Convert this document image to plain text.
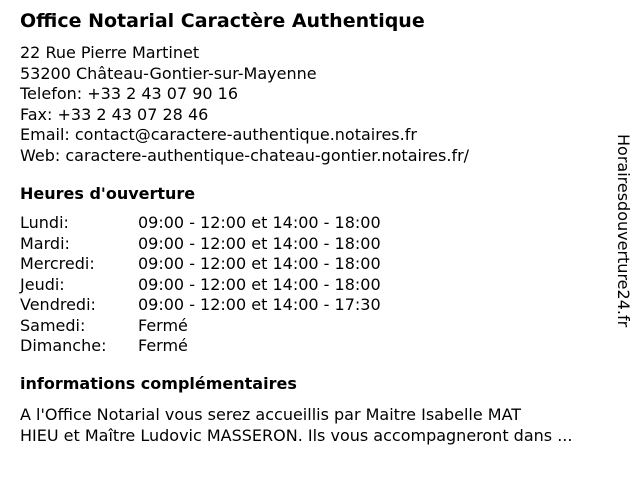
Office Notarial Caractère Authentique
22 Rue Pierre Martinet
53200 Château-Gontier-sur-Mayenne
Telefon: +33 2 43 07 90 16
Fax: +33 2 43 07 28 46
Email: contact@caractere-authentique.notaires.fr
Web: caractere-authentique-chateau-gontier.notaires.fr/
Heures d'ouverture
Lundi:	09:00 - 12:00 et 14:00 - 18:00
Mardi:	09:00 - 12:00 et 14:00 - 18:00
Mercredi:	09:00 - 12:00 et 14:00 - 18:00
Jeudi:	09:00 - 12:00 et 14:00 - 18:00
Vendredi:	09:00 - 12:00 et 14:00 - 17:30
Samedi:	Fermé
Dimanche: Fermé
informations complémentaires
A l'Office Notarial vous serez accueillis par Maitre Isabelle MAT
HIEU et Maître Ludovic MASSERON. Ils vous accompagneront dans ...
Horairesdouverture24.fr
